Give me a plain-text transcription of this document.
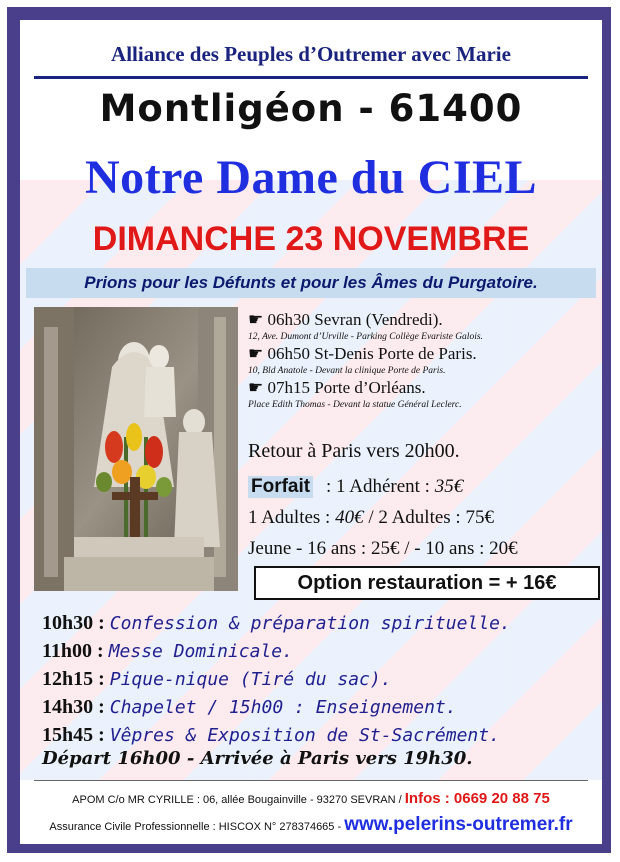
Alliance des Peuples d’Outremer avec Marie
Montligéon - 61400
Notre Dame du CIEL
DIMANCHE 23 NOVEMBRE
Prions pour les Défunts et pour les Âmes du Purgatoire.
☛ 06h30 Sevran (Vendredi).
12, Ave. Dumont d’Urville - Parking Collège Evariste Galois.
☛ 06h50 St-Denis Porte de Paris.
10, Bld Anatole - Devant la clinique Porte de Paris.
☛ 07h15 Porte d’Orléans.
Place Edith Thomas - Devant la statue Général Leclerc.
Retour à Paris vers 20h00.
Forfait : 1 Adhérent : 35€
1 Adultes : 40€ / 2 Adultes : 75€
Jeune - 16 ans : 25€ / - 10 ans : 20€
Option restauration = + 16€
10h30 : Confession & préparation spirituelle.
11h00 : Messe Dominicale.
12h15 : Pique-nique (Tiré du sac).
14h30 : Chapelet / 15h00 : Enseignement.
15h45 : Vêpres & Exposition de St-Sacrément.
Départ 16h00 - Arrivée à Paris vers 19h30.
APOM C/o MR CYRILLE : 06, allée Bougainville - 93270 SEVRAN / Infos : 0669 20 88 75
Assurance Civile Professionnelle : HISCOX N° 278374665 - www.pelerins-outremer.fr
